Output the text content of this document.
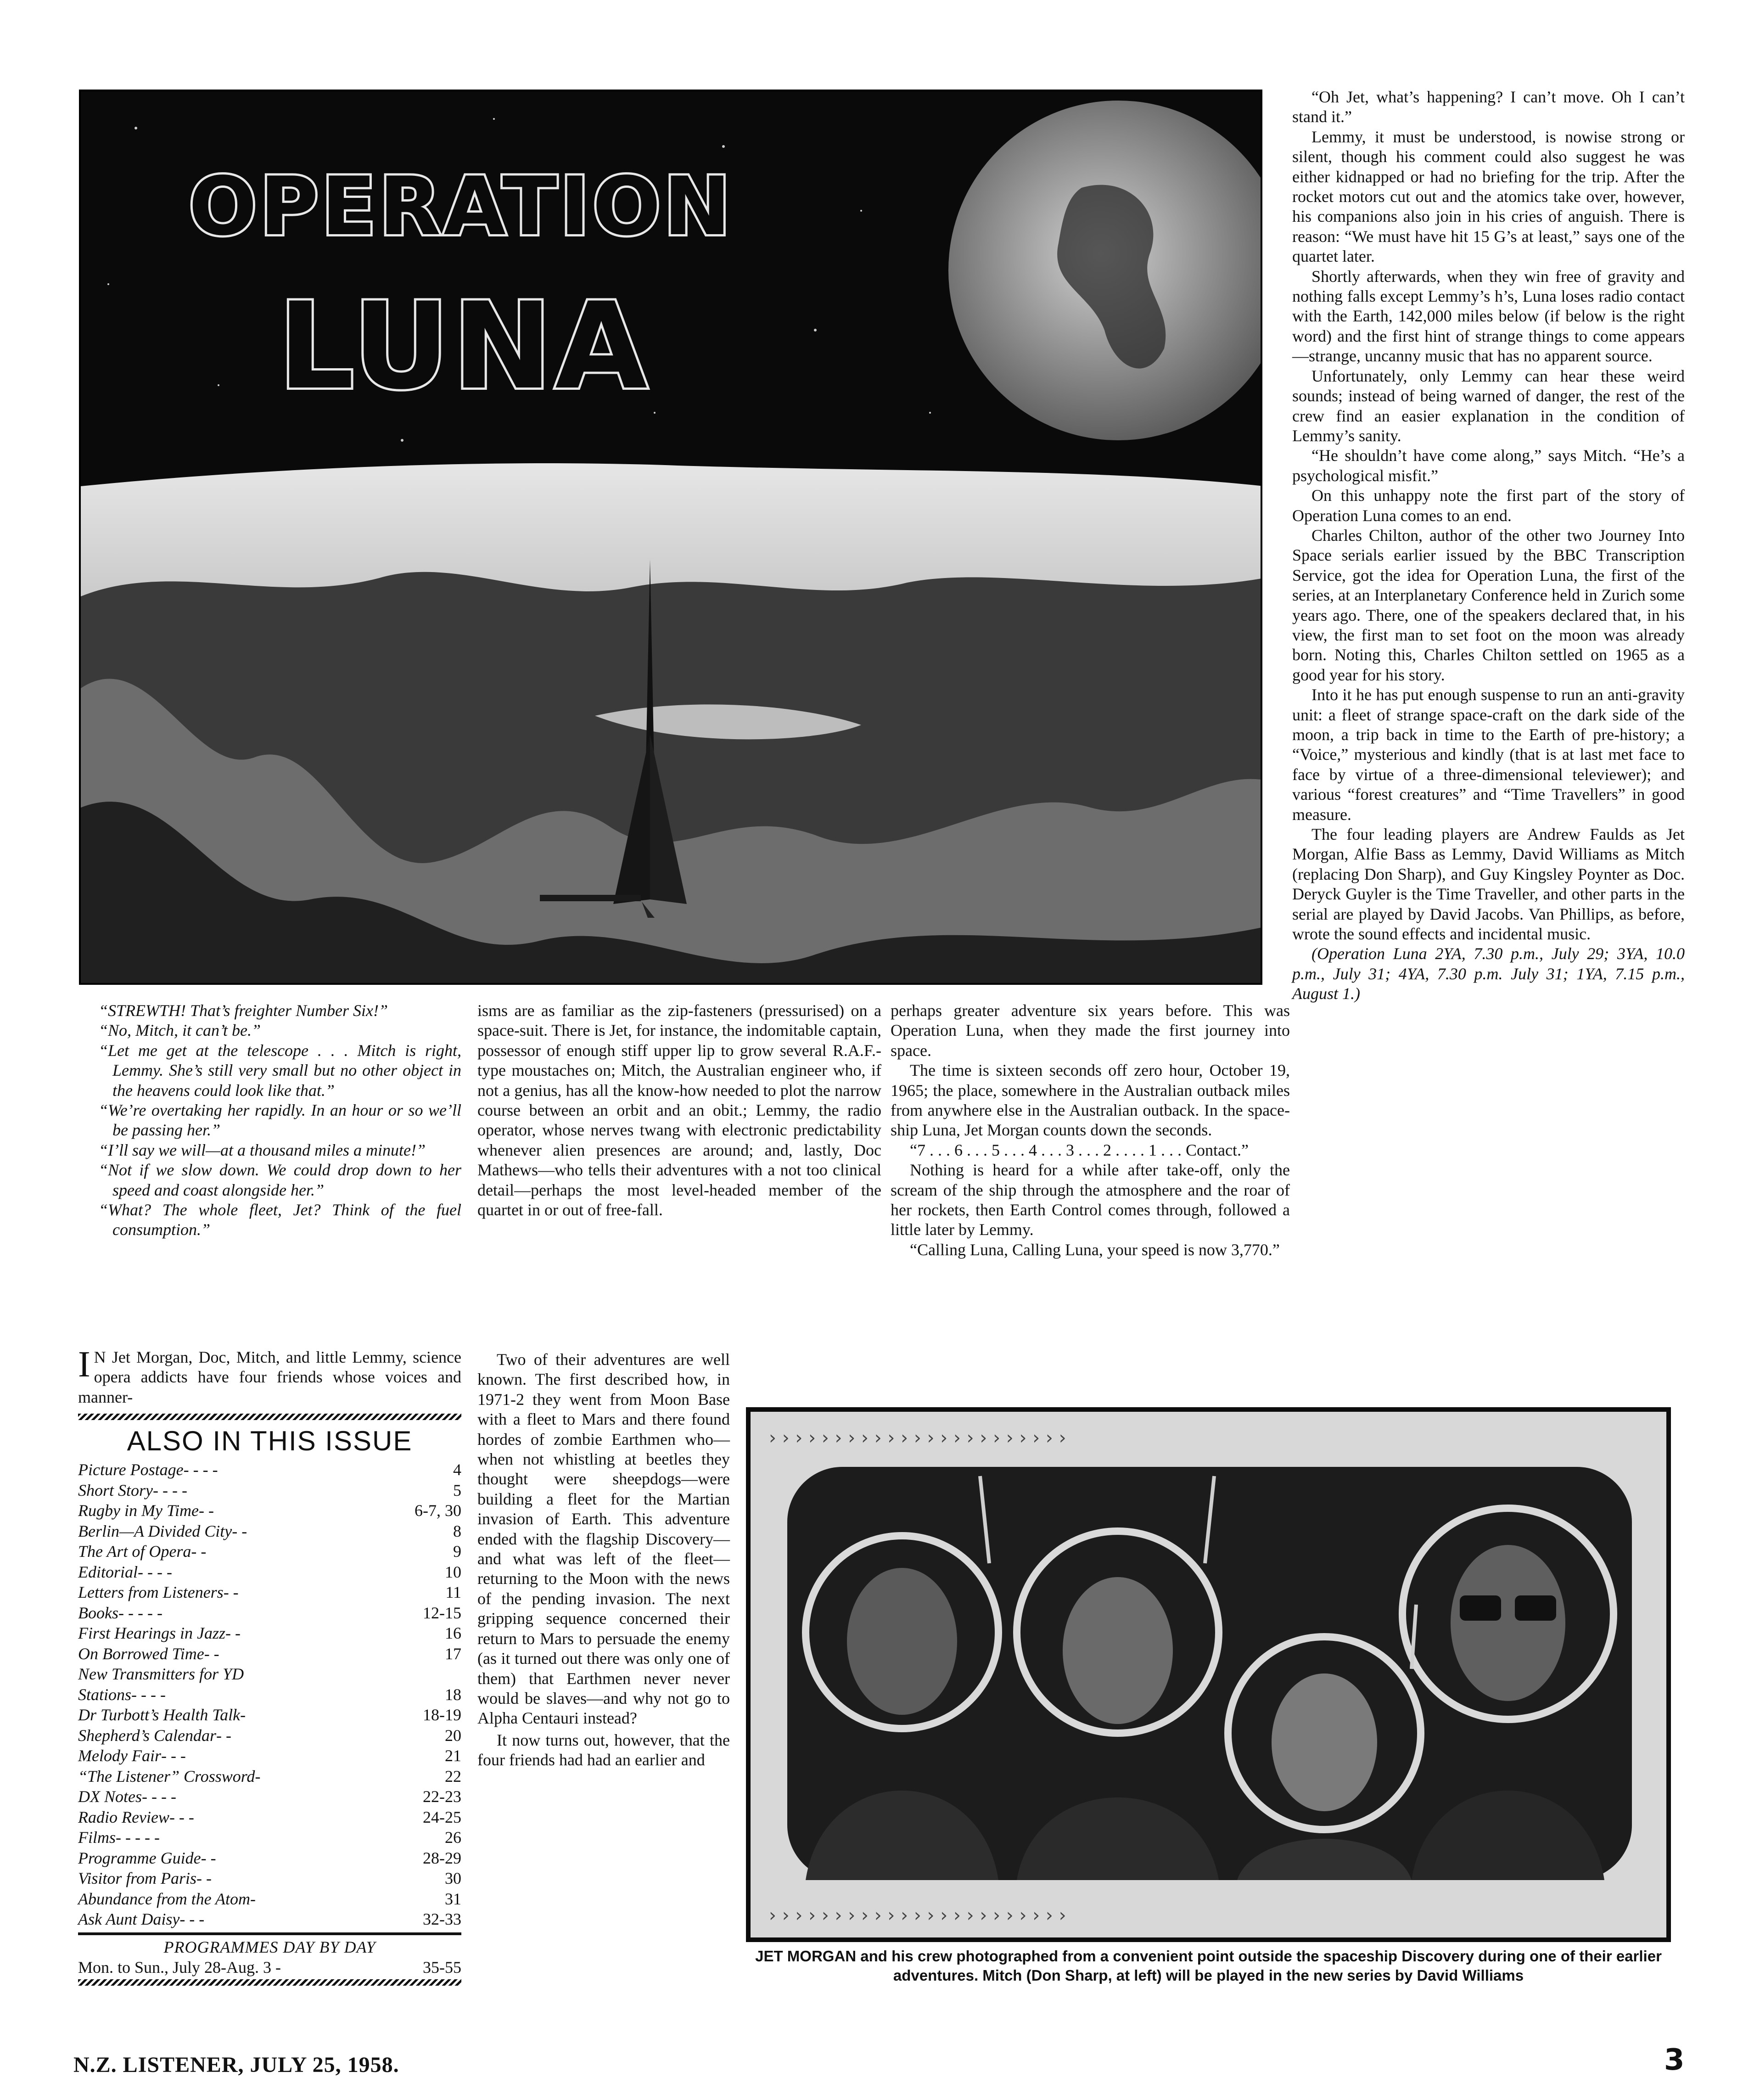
OPERATION
LUNA

“STREWTH! That’s freighter Number Six!”

“No, Mitch, it can’t be.”

“Let me get at the telescope . . . Mitch is right, Lemmy. She’s still very small but no other object in the heavens could look like that.”

“We’re overtaking her rapidly. In an hour or so we’ll be passing her.”

“I’ll say we will—at a thousand miles a minute!”

“Not if we slow down. We could drop down to her speed and coast alongside her.”

“What? The whole fleet, Jet? Think of the fuel consumption.”

I N Jet Morgan, Doc, Mitch, and little Lemmy, science opera addicts have four friends whose voices and manner-
ALSO IN THIS ISSUE
Picture Postage - - - -	4
Short Story - - - -	5
Rugby in My Time - -	6-7, 30
Berlin—A Divided City - -	8
The Art of Opera - -	9
Editorial - - - -	10
Letters from Listeners - -	11
Books - - - - -	12-15
First Hearings in Jazz - -	16
On Borrowed Time - -	17
New Transmitters for YD
Stations - - - -	18
Dr Turbott’s Health Talk -	18-19
Shepherd’s Calendar - -	20
Melody Fair - - -	21
“The Listener” Crossword -	22
DX Notes - - - -	22-23
Radio Review - - -	24-25
Films - - - - -	26
Programme Guide - -	28-29
Visitor from Paris - -	30
Abundance from the Atom -	31
Ask Aunt Daisy - - -	32-33
PROGRAMMES DAY BY DAY
Mon. to Sun., July 28-Aug. 3 -	35-55

isms are as familiar as the zip-fasteners (pressurised) on a space-suit. There is Jet, for instance, the indomitable captain, possessor of enough stiff upper lip to grow several R.A.F.-type moustaches on; Mitch, the Australian engineer who, if not a genius, has all the know-how needed to plot the narrow course between an orbit and an obit.; Lemmy, the radio operator, whose nerves twang with electronic predictability whenever alien presences are around; and, lastly, Doc Mathews—who tells their adventures with a not too clinical detail—perhaps the most level-headed member of the quartet in or out of free-fall.

Two of their adventures are well known. The first described how, in 1971-2 they went from Moon Base with a fleet to Mars and there found hordes of zombie Earthmen who—when not whistling at beetles they thought were sheepdogs—were building a fleet for the Martian invasion of Earth. This adventure ended with the flagship Discovery—and what was left of the fleet—returning to the Moon with the news of the pending invasion. The next gripping sequence concerned their return to Mars to persuade the enemy (as it turned out there was only one of them) that Earthmen never never would be slaves—and why not go to Alpha Centauri instead?

It now turns out, however, that the four friends had had an earlier and

perhaps greater adventure six years before. This was Operation Luna, when they made the first journey into space.

The time is sixteen seconds off zero hour, October 19, 1965; the place, somewhere in the Australian outback miles from anywhere else in the Australian outback. In the space-ship Luna, Jet Morgan counts down the seconds.

“7 . . . 6 . . . 5 . . . 4 . . . 3 . . . 2 . . . . 1 . . . Contact.”

Nothing is heard for a while after take-off, only the scream of the ship through the atmosphere and the roar of her rockets, then Earth Control comes through, followed a little later by Lemmy.

“Calling Luna, Calling Luna, your speed is now 3,770.”

“Oh Jet, what’s happening? I can’t move. Oh I can’t stand it.”

Lemmy, it must be understood, is nowise strong or silent, though his comment could also suggest he was either kidnapped or had no briefing for the trip. After the rocket motors cut out and the atomics take over, however, his companions also join in his cries of anguish. There is reason: “We must have hit 15 G’s at least,” says one of the quartet later.

Shortly afterwards, when they win free of gravity and nothing falls except Lemmy’s h’s, Luna loses radio contact with the Earth, 142,000 miles below (if below is the right word) and the first hint of strange things to come appears—strange, uncanny music that has no apparent source.

Unfortunately, only Lemmy can hear these weird sounds; instead of being warned of danger, the rest of the crew find an easier explanation in the condition of Lemmy’s sanity.

“He shouldn’t have come along,” says Mitch. “He’s a psychological misfit.”

On this unhappy note the first part of the story of Operation Luna comes to an end.

Charles Chilton, author of the other two Journey Into Space serials earlier issued by the BBC Transcription Service, got the idea for Operation Luna, the first of the series, at an Interplanetary Conference held in Zurich some years ago. There, one of the speakers declared that, in his view, the first man to set foot on the moon was already born. Noting this, Charles Chilton settled on 1965 as a good year for his story.

Into it he has put enough suspense to run an anti-gravity unit: a fleet of strange space-craft on the dark side of the moon, a trip back in time to the Earth of pre-history; a “Voice,” mysterious and kindly (that is at last met face to face by virtue of a three-dimensional televiewer); and various “forest creatures” and “Time Travellers” in good measure.

The four leading players are Andrew Faulds as Jet Morgan, Alfie Bass as Lemmy, David Williams as Mitch (replacing Don Sharp), and Guy Kingsley Poynter as Doc. Deryck Guyler is the Time Traveller, and other parts in the serial are played by David Jacobs. Van Phillips, as before, wrote the sound effects and incidental music.

(Operation Luna 2YA, 7.30 p.m., July 29; 3YA, 10.0 p.m., July 31; 4YA, 7.30 p.m. July 31; 1YA, 7.15 p.m., August 1.)

› › › › › › › › › › › › › › › › › › › › › › ›
› › › › › › › › › › › › › › › › › › › › › › ›
JET MORGAN and his crew photographed from a convenient point outside the spaceship Discovery during one of their earlier adventures. Mitch (Don Sharp, at left) will be played in the new series by David Williams
N.Z. LISTENER, JULY 25, 1958.	3
